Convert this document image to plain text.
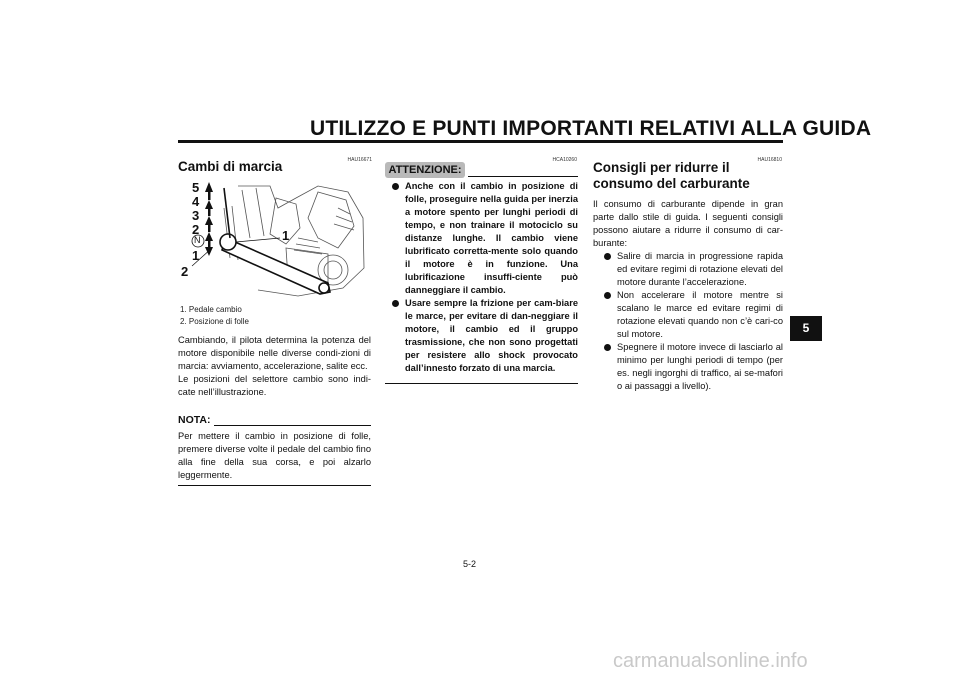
UTILIZZO E PUNTI IMPORTANTI RELATIVI ALLA GUIDA
HAU16671
Cambi di marcia
5
4
3
2
N
1
2
1
1. Pedale cambio
2. Posizione di folle

Cambiando, il pilota determina la potenza del motore disponibile nelle diverse condi-zioni di marcia: avviamento, accelerazione, salite ecc.

Le posizioni del selettore cambio sono indi-cate nell’illustrazione.

NOTA:
Per mettere il cambio in posizione di folle, premere diverse volte il pedale del cambio fino alla fine della sua corsa, e poi alzarlo leggermente.
HCA10260
ATTENZIONE:
Anche con il cambio in posizione di folle, proseguire nella guida per inerzia a motore spento per lunghi periodi di tempo, e non trainare il motociclo su distanze lunghe. Il cambio viene lubrificato corretta-mente solo quando il motore è in funzione. Una lubrificazione insuffi-ciente può danneggiare il cambio.
Usare sempre la frizione per cam-biare le marce, per evitare di dan-neggiare il motore, il cambio ed il gruppo trasmissione, che non sono progettati per resistere allo shock provocato dall’innesto forzato di una marcia.
HAU16810
Consigli per ridurre il consumo del carburante
Il consumo di carburante dipende in gran parte dallo stile di guida. I seguenti consigli possono aiutare a ridurre il consumo di car-burante:
Salire di marcia in progressione rapida ed evitare regimi di rotazione elevati del motore durante l’accelerazione.
Non accelerare il motore mentre si scalano le marce ed evitare regimi di rotazione elevati quando non c’è cari-co sul motore.
Spegnere il motore invece di lasciarlo al minimo per lunghi periodi di tempo (per es. negli ingorghi di traffico, ai se-mafori o ai passaggi a livello).
5
5-2
carmanualsonline.info
